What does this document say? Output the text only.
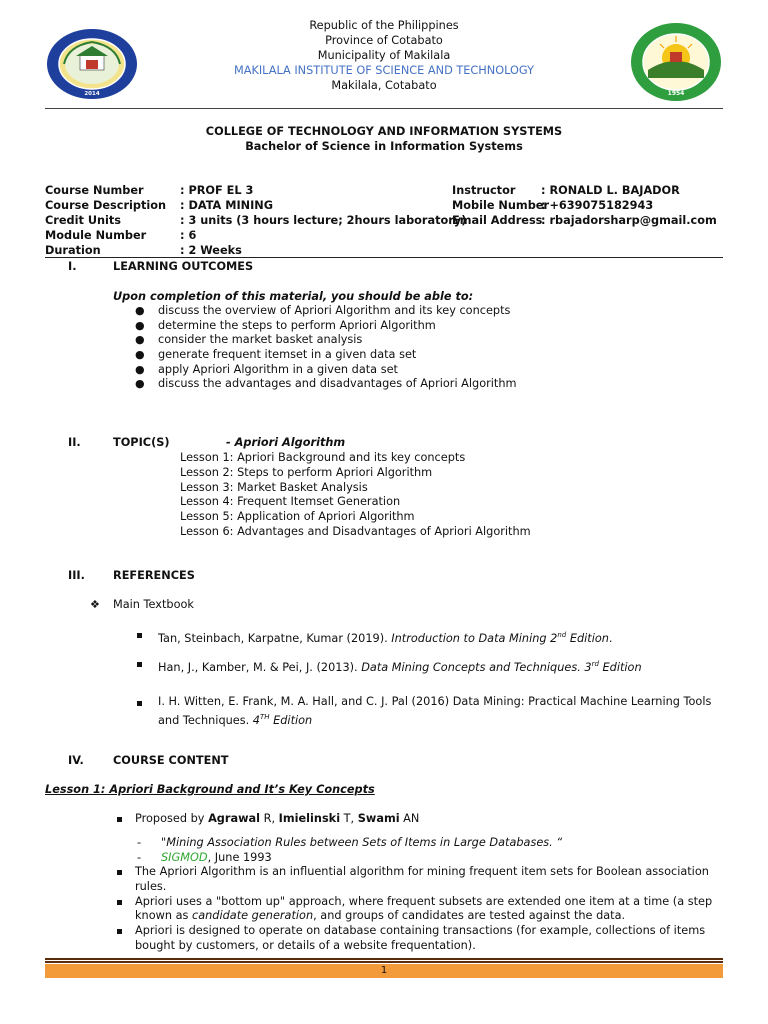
Republic of the Philippines
Province of Cotabato
Municipality of Makilala
MAKILALA INSTITUTE OF SCIENCE AND TECHNOLOGY
Makilala, Cotabato
2014	1954
COLLEGE OF TECHNOLOGY AND INFORMATION SYSTEMS
Bachelor of Science in Information Systems
Course Number	: PROF EL 3
Course Description : DATA MINING
Credit Units	: 3 units (3 hours lecture; 2hours laboratory)
Module Number	: 6
Duration	: 2 Weeks
Instructor : RONALD L. BAJADOR
Mobile Number
: +639075182943
Email Address
: rbajadorsharp@gmail.com
I.	LEARNING OUTCOMES
Upon completion of this material, you should be able to:
● discuss the overview of Apriori Algorithm and its key concepts
● determine the steps to perform Apriori Algorithm
● consider the market basket analysis
● generate frequent itemset in a given data set
● apply Apriori Algorithm in a given data set
● discuss the advantages and disadvantages of Apriori Algorithm
II.	TOPIC(S)	- Apriori Algorithm
Lesson 1: Apriori Background and its key concepts
Lesson 2: Steps to perform Apriori Algorithm
Lesson 3: Market Basket Analysis
Lesson 4: Frequent Itemset Generation
Lesson 5: Application of Apriori Algorithm
Lesson 6: Advantages and Disadvantages of Apriori Algorithm
III. REFERENCES
❖ Main Textbook
Tan, Steinbach, Karpatne, Kumar (2019). Introduction to Data Mining 2nd Edition.
Han, J., Kamber, M. & Pei, J. (2013). Data Mining Concepts and Techniques. 3rd Edition
I. H. Witten, E. Frank, M. A. Hall, and C. J. Pal (2016) Data Mining: Practical Machine Learning Tools
and Techniques. 4TH Edition
IV.	COURSE CONTENT
Lesson 1: Apriori Background and It’s Key Concepts
Proposed by Agrawal R, Imielinski T, Swami AN
- "Mining Association Rules between Sets of Items in Large Databases. “
- SIGMOD, June 1993
The Apriori Algorithm is an influential algorithm for mining frequent item sets for Boolean association
rules.
Apriori uses a "bottom up" approach, where frequent subsets are extended one item at a time (a step
known as candidate generation, and groups of candidates are tested against the data.
Apriori is designed to operate on database containing transactions (for example, collections of items
bought by customers, or details of a website frequentation).
1
